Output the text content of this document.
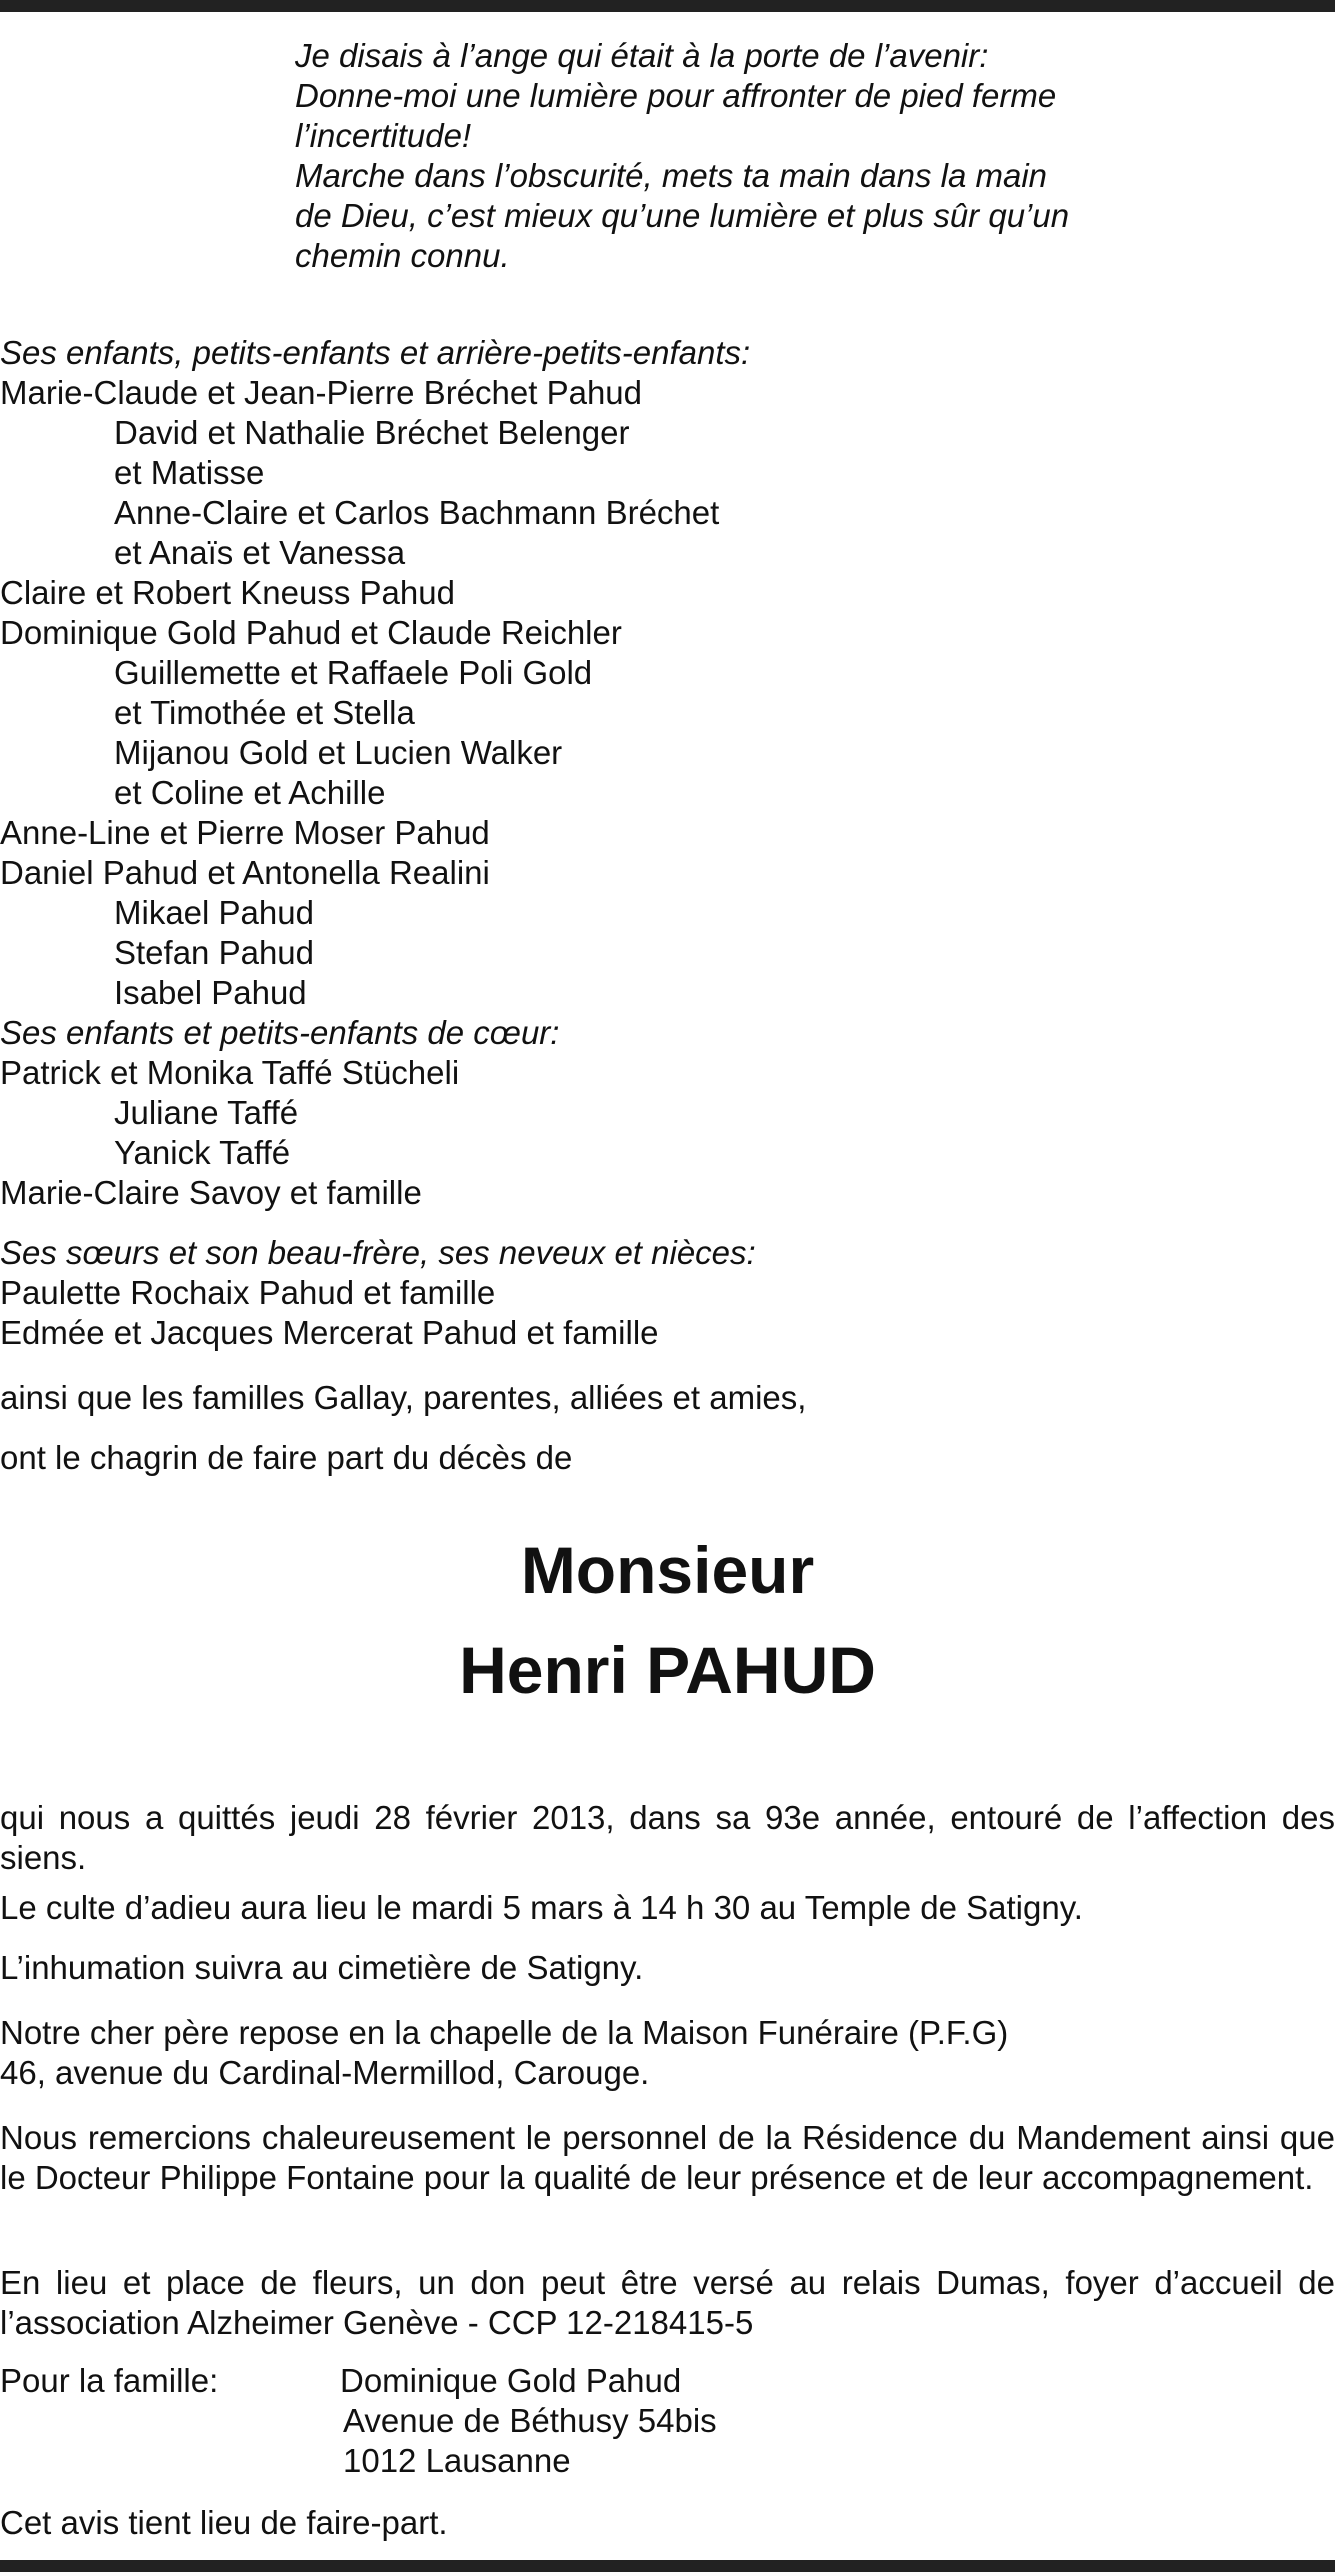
Je disais à l’ange qui était à la porte de l’avenir:
Donne-moi une lumière pour affronter de pied ferme
l’incertitude!
Marche dans l’obscurité, mets ta main dans la main
de Dieu, c’est mieux qu’une lumière et plus sûr qu’un
chemin connu.
Ses enfants, petits-enfants et arrière-petits-enfants:
Marie-Claude et Jean-Pierre Bréchet Pahud
David et Nathalie Bréchet Belenger
et Matisse
Anne-Claire et Carlos Bachmann Bréchet
et Anaïs et Vanessa
Claire et Robert Kneuss Pahud
Dominique Gold Pahud et Claude Reichler
Guillemette et Raffaele Poli Gold
et Timothée et Stella
Mijanou Gold et Lucien Walker
et Coline et Achille
Anne-Line et Pierre Moser Pahud
Daniel Pahud et Antonella Realini
Mikael Pahud
Stefan Pahud
Isabel Pahud
Ses enfants et petits-enfants de cœur:
Patrick et Monika Taffé Stücheli
Juliane Taffé
Yanick Taffé
Marie-Claire Savoy et famille
Ses sœurs et son beau-frère, ses neveux et nièces:
Paulette Rochaix Pahud et famille
Edmée et Jacques Mercerat Pahud et famille
ainsi que les familles Gallay, parentes, alliées et amies,
ont le chagrin de faire part du décès de
Monsieur
Henri PAHUD
qui nous a quittés jeudi 28 février 2013, dans sa 93e année, entouré de l’affection des siens.
Le culte d’adieu aura lieu le mardi 5 mars à 14 h 30 au Temple de Satigny.
L’inhumation suivra au cimetière de Satigny.
Notre cher père repose en la chapelle de la Maison Funéraire (P.F.G)
46, avenue du Cardinal-Mermillod, Carouge.
Nous remercions chaleureusement le personnel de la Résidence du Mandement ainsi que le Docteur Philippe Fontaine pour la qualité de leur présence et de leur accompagnement.
En lieu et place de fleurs, un don peut être versé au relais Dumas, foyer d’accueil de l’association Alzheimer Genève - CCP 12-218415-5
Pour la famille:	Dominique Gold Pahud
Avenue de Béthusy 54bis
1012 Lausanne
Cet avis tient lieu de faire-part.
